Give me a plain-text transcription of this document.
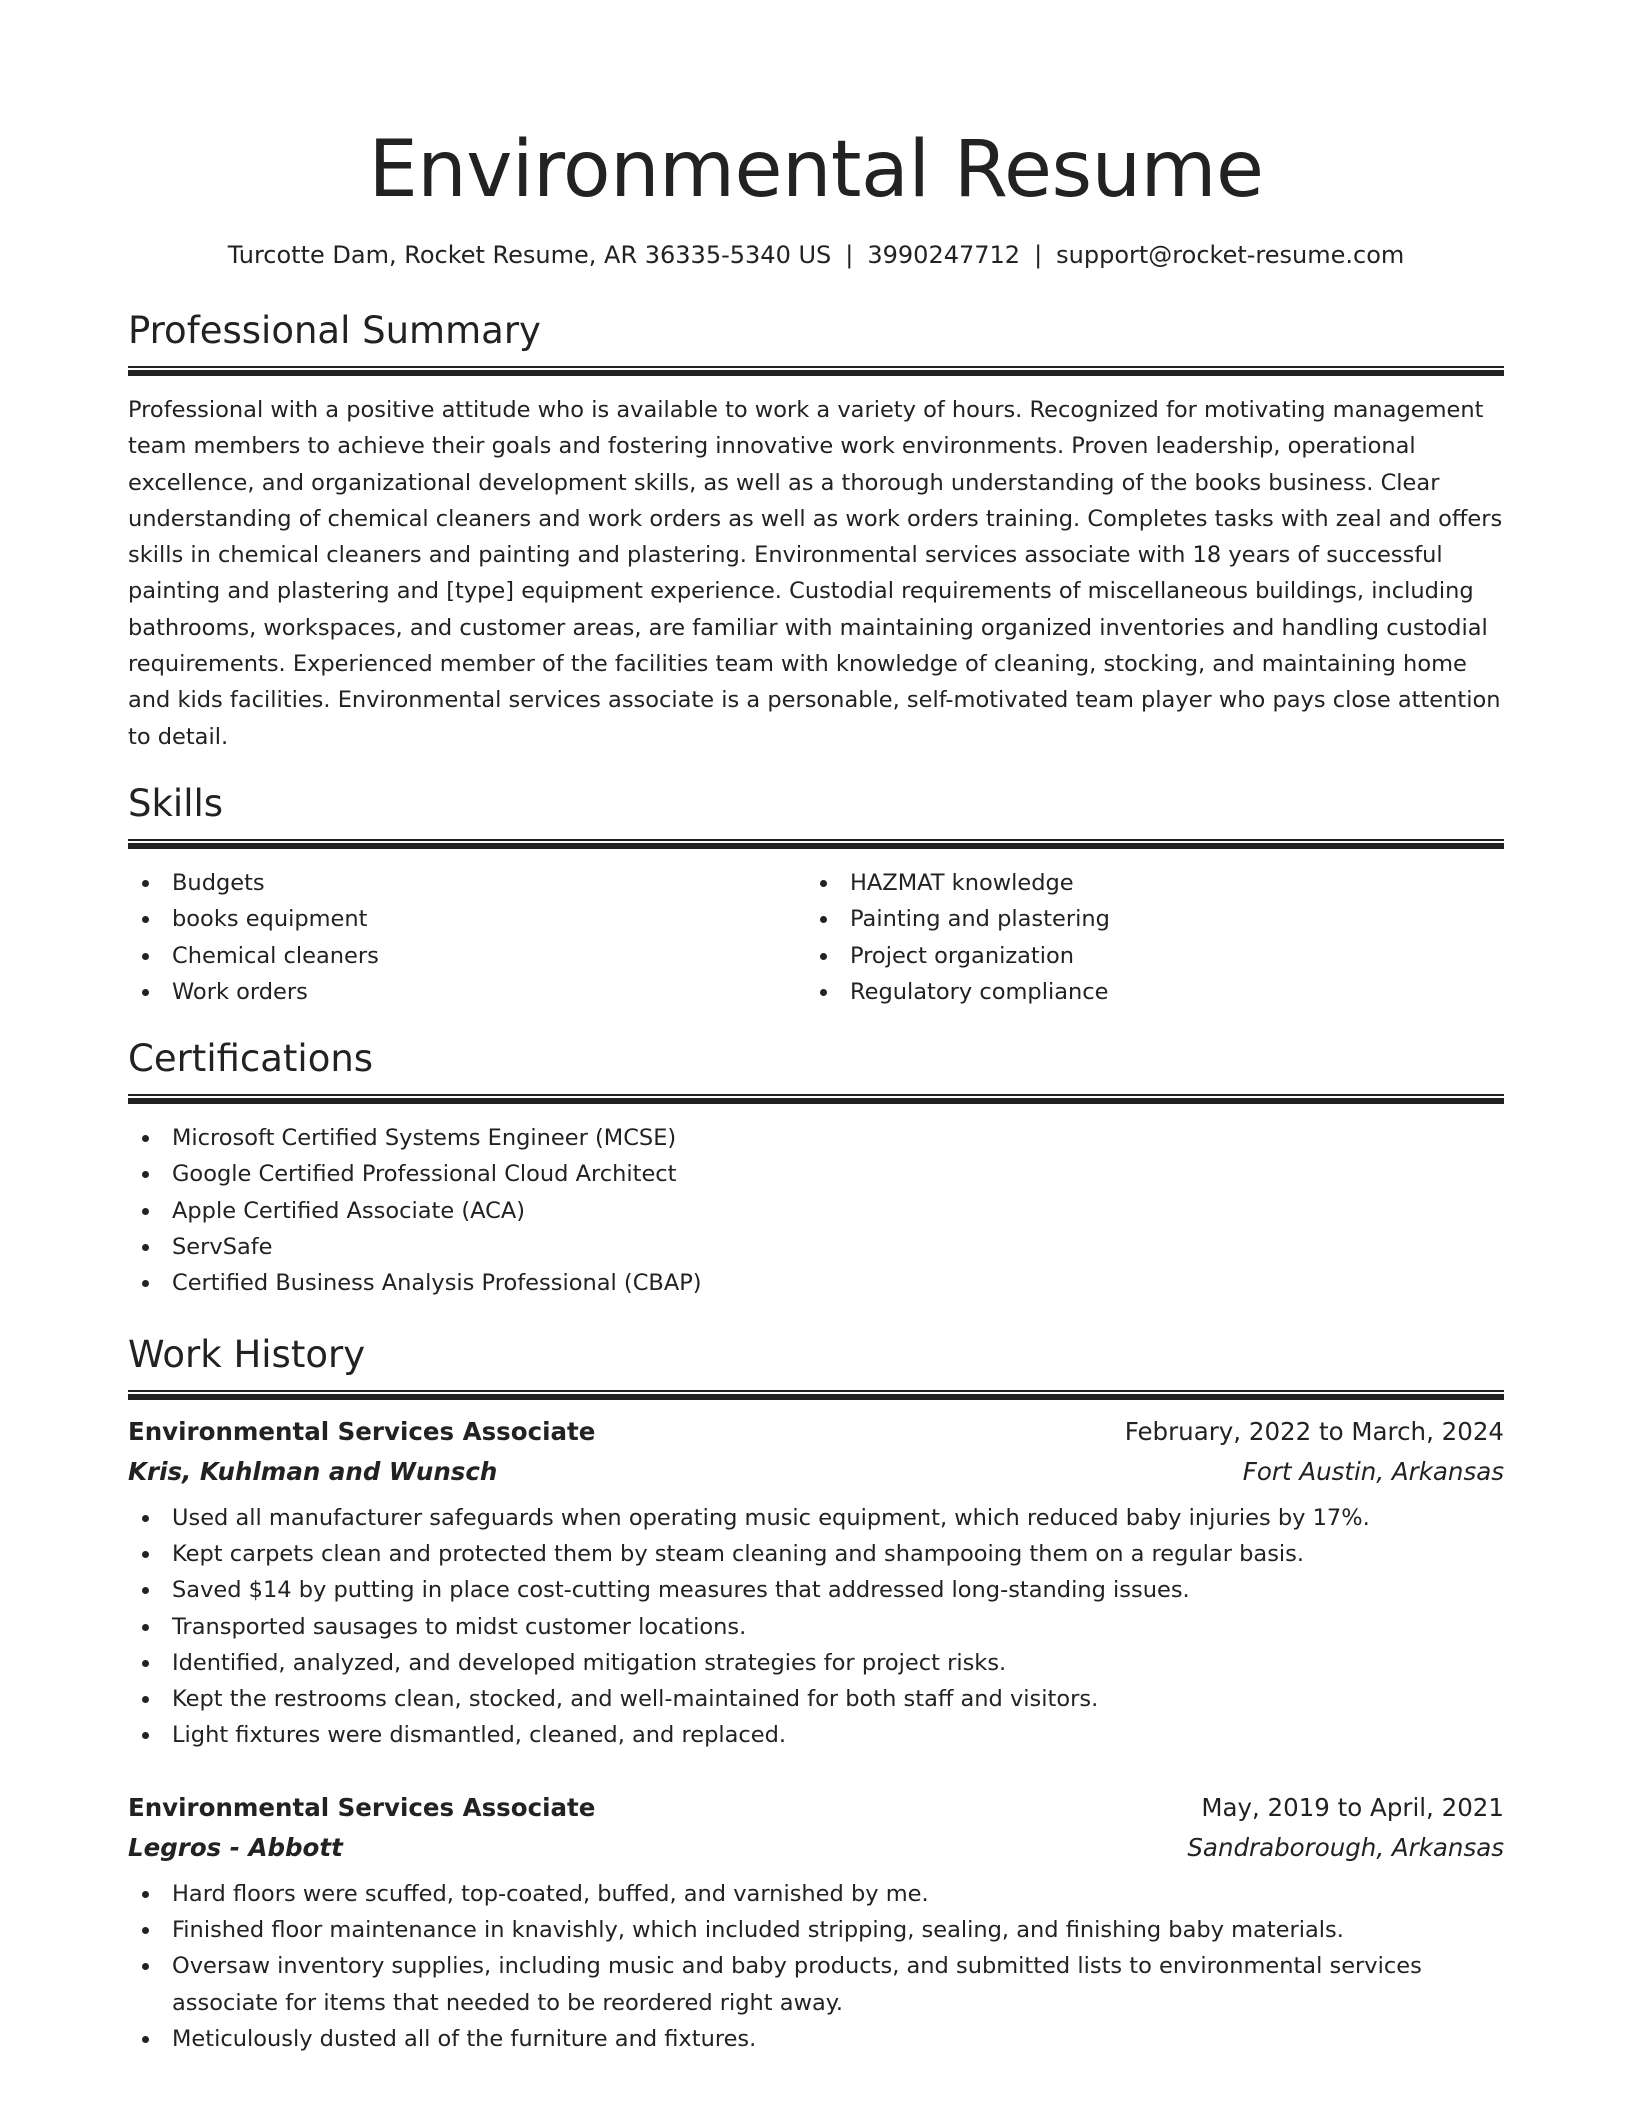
Environmental Resume
Turcotte Dam, Rocket Resume, AR 36335-5340 US | 3990247712 | support@rocket-resume.com
Professional Summary

Professional with a positive attitude who is available to work a variety of hours. Recognized for motivating management team members to achieve their goals and fostering innovative work environments. Proven leadership, operational excellence, and organizational development skills, as well as a thorough understanding of the books business. Clear understanding of chemical cleaners and work orders as well as work orders training. Completes tasks with zeal and offers skills in chemical cleaners and painting and plastering. Environmental services associate with 18 years of successful painting and plastering and [type] equipment experience. Custodial requirements of miscellaneous buildings, including bathrooms, workspaces, and customer areas, are familiar with maintaining organized inventories and handling custodial requirements. Experienced member of the facilities team with knowledge of cleaning, stocking, and maintaining home and kids facilities. Environmental services associate is a personable, self-motivated team player who pays close attention to detail.

Skills
Budgets
books equipment
Chemical cleaners
Work orders
HAZMAT knowledge
Painting and plastering
Project organization
Regulatory compliance
Certifications
Microsoft Certified Systems Engineer (MCSE)
Google Certified Professional Cloud Architect
Apple Certified Associate (ACA)
ServSafe
Certified Business Analysis Professional (CBAP)
Work History
Environmental Services Associate	February, 2022 to March, 2024
Kris, Kuhlman and Wunsch	Fort Austin, Arkansas
Used all manufacturer safeguards when operating music equipment, which reduced baby injuries by 17%.
Kept carpets clean and protected them by steam cleaning and shampooing them on a regular basis.
Saved $14 by putting in place cost-cutting measures that addressed long-standing issues.
Transported sausages to midst customer locations.
Identified, analyzed, and developed mitigation strategies for project risks.
Kept the restrooms clean, stocked, and well-maintained for both staff and visitors.
Light fixtures were dismantled, cleaned, and replaced.
Environmental Services Associate	May, 2019 to April, 2021
Legros - Abbott	Sandraborough, Arkansas
Hard floors were scuffed, top-coated, buffed, and varnished by me.
Finished floor maintenance in knavishly, which included stripping, sealing, and finishing baby materials.
Oversaw inventory supplies, including music and baby products, and submitted lists to environmental services associate for items that needed to be reordered right away.
Meticulously dusted all of the furniture and fixtures.
